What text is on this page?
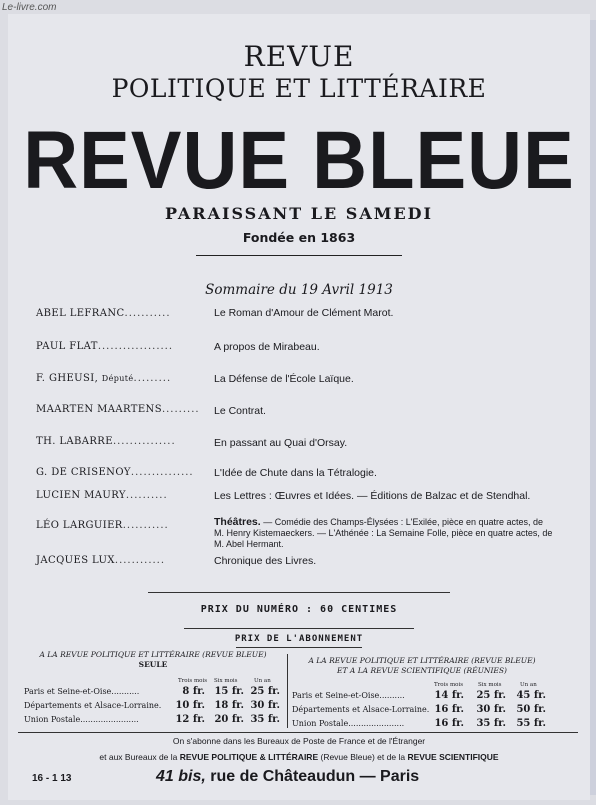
Le-livre.com
REVUE
POLITIQUE ET LITTÉRAIRE
REVUE BLEUE
PARAISSANT LE SAMEDI
Fondée en 1863
Sommaire du 19 Avril 1913
ABEL LEFRANC...........	Le Roman d'Amour de Clément Marot.
PAUL FLAT..................	A propos de Mirabeau.
F. GHEUSI, Député.........	La Défense de l'École Laïque.
MAARTEN MAARTENS......... Le Contrat.
TH. LABARRE...............	En passant au Quai d'Orsay.
G. DE CRISENOY............... L'Idée de Chute dans la Tétralogie.
LUCIEN MAURY..........	Les Lettres : Œuvres et Idées. — Éditions de Balzac et de Stendhal.
LÉO LARGUIER...........	Théâtres. — Comédie des Champs-Élysées : L'Exilée, pièce en quatre actes, de M. Henry Kistemaeckers. — L'Athénée : La Semaine Folle, pièce en quatre actes, de M. Abel Hermant.
JACQUES LUX............	Chronique des Livres.
PRIX DU NUMÉRO : 60 CENTIMES
PRIX DE L'ABONNEMENT
A LA REVUE POLITIQUE ET LITTÉRAIRE (REVUE BLEUE)
SEULE
Trois mois Six mois	Un an
Paris et Seine-et-Oise...........	8 fr. 15 fr. 25 fr.
Départements et Alsace-Lorraine. 10 fr. 18 fr. 30 fr.
Union Postale.......................	12 fr. 20 fr. 35 fr.
A LA REVUE POLITIQUE ET LITTÉRAIRE (REVUE BLEUE)
ET A LA REVUE SCIENTIFIQUE (RÉUNIES)
Trois mois	Six mois	Un an
Paris et Seine-et-Oise..........	14 fr.	25 fr.	45 fr.
Départements et Alsace-Lorraine. 16 fr.	30 fr.	50 fr.
Union Postale......................	16 fr.	35 fr.	55 fr.
On s'abonne dans les Bureaux de Poste de France et de l'Étranger
et aux Bureaux de la REVUE POLITIQUE & LITTÉRAIRE (Revue Bleue) et de la REVUE SCIENTIFIQUE
16 - 1 13	41 bis, rue de Châteaudun — Paris
